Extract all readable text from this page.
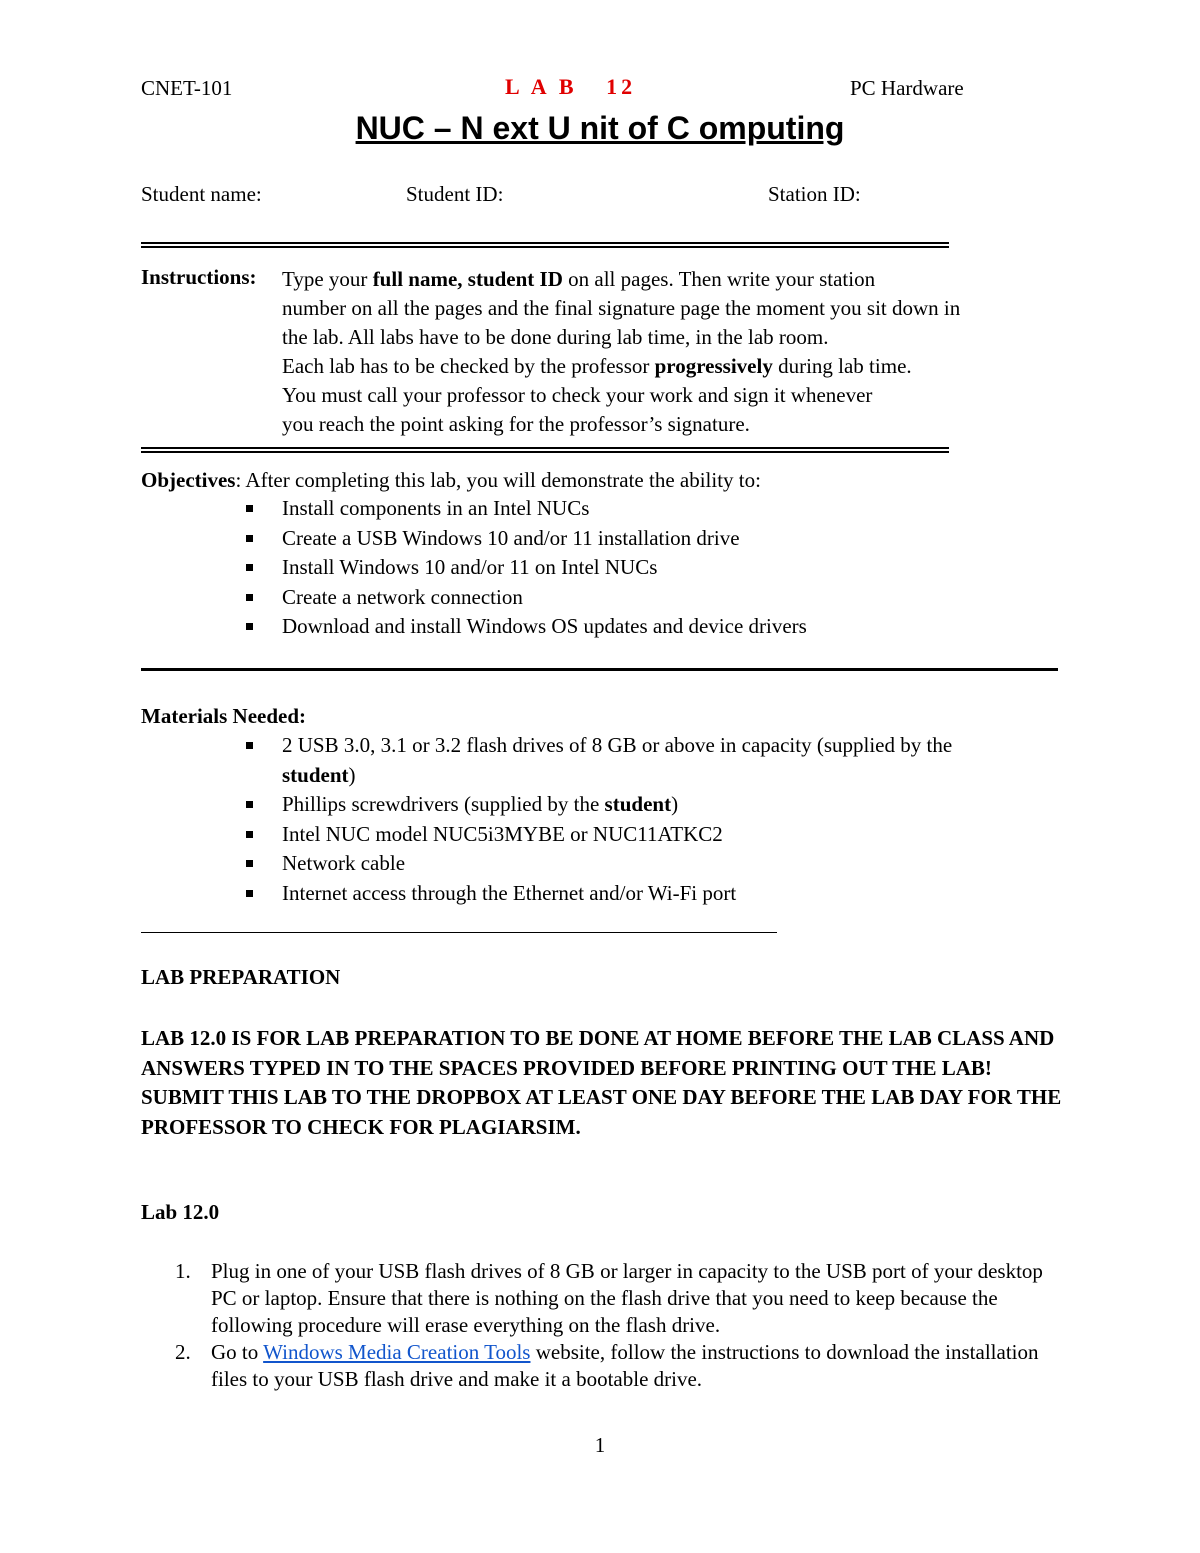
CNET-101	L A B   12	PC Hardware
NUC – N ext U nit of C omputing
Student name:	Student ID:	Station ID:
Instructions: Type your full name, student ID on all pages. Then write your station
number on all the pages and the final signature page the moment you sit down in
the lab. All labs have to be done during lab time, in the lab room.
Each lab has to be checked by the professor progressively during lab time.
You must call your professor to check your work and sign it whenever
you reach the point asking for the professor’s signature.
Objectives: After completing this lab, you will demonstrate the ability to:
Install components in an Intel NUCs
Create a USB Windows 10 and/or 11 installation drive
Install Windows 10 and/or 11 on Intel NUCs
Create a network connection
Download and install Windows OS updates and device drivers
Materials Needed:
2 USB 3.0, 3.1 or 3.2 flash drives of 8 GB or above in capacity (supplied by the
student)
Phillips screwdrivers (supplied by the student)
Intel NUC model NUC5i3MYBE or NUC11ATKC2
Network cable
Internet access through the Ethernet and/or Wi-Fi port
LAB PREPARATION
LAB 12.0 IS FOR LAB PREPARATION TO BE DONE AT HOME BEFORE THE LAB CLASS AND ANSWERS TYPED IN TO THE SPACES PROVIDED BEFORE PRINTING OUT THE LAB! SUBMIT THIS LAB TO THE DROPBOX AT LEAST ONE DAY BEFORE THE LAB DAY FOR THE PROFESSOR TO CHECK FOR PLAGIARSIM.
Lab 12.0
1. Plug in one of your USB flash drives of 8 GB or larger in capacity to the USB port of your desktop PC or laptop. Ensure that there is nothing on the flash drive that you need to keep because the following procedure will erase everything on the flash drive.
2. Go to Windows Media Creation Tools website, follow the instructions to download the installation files to your USB flash drive and make it a bootable drive.
1
